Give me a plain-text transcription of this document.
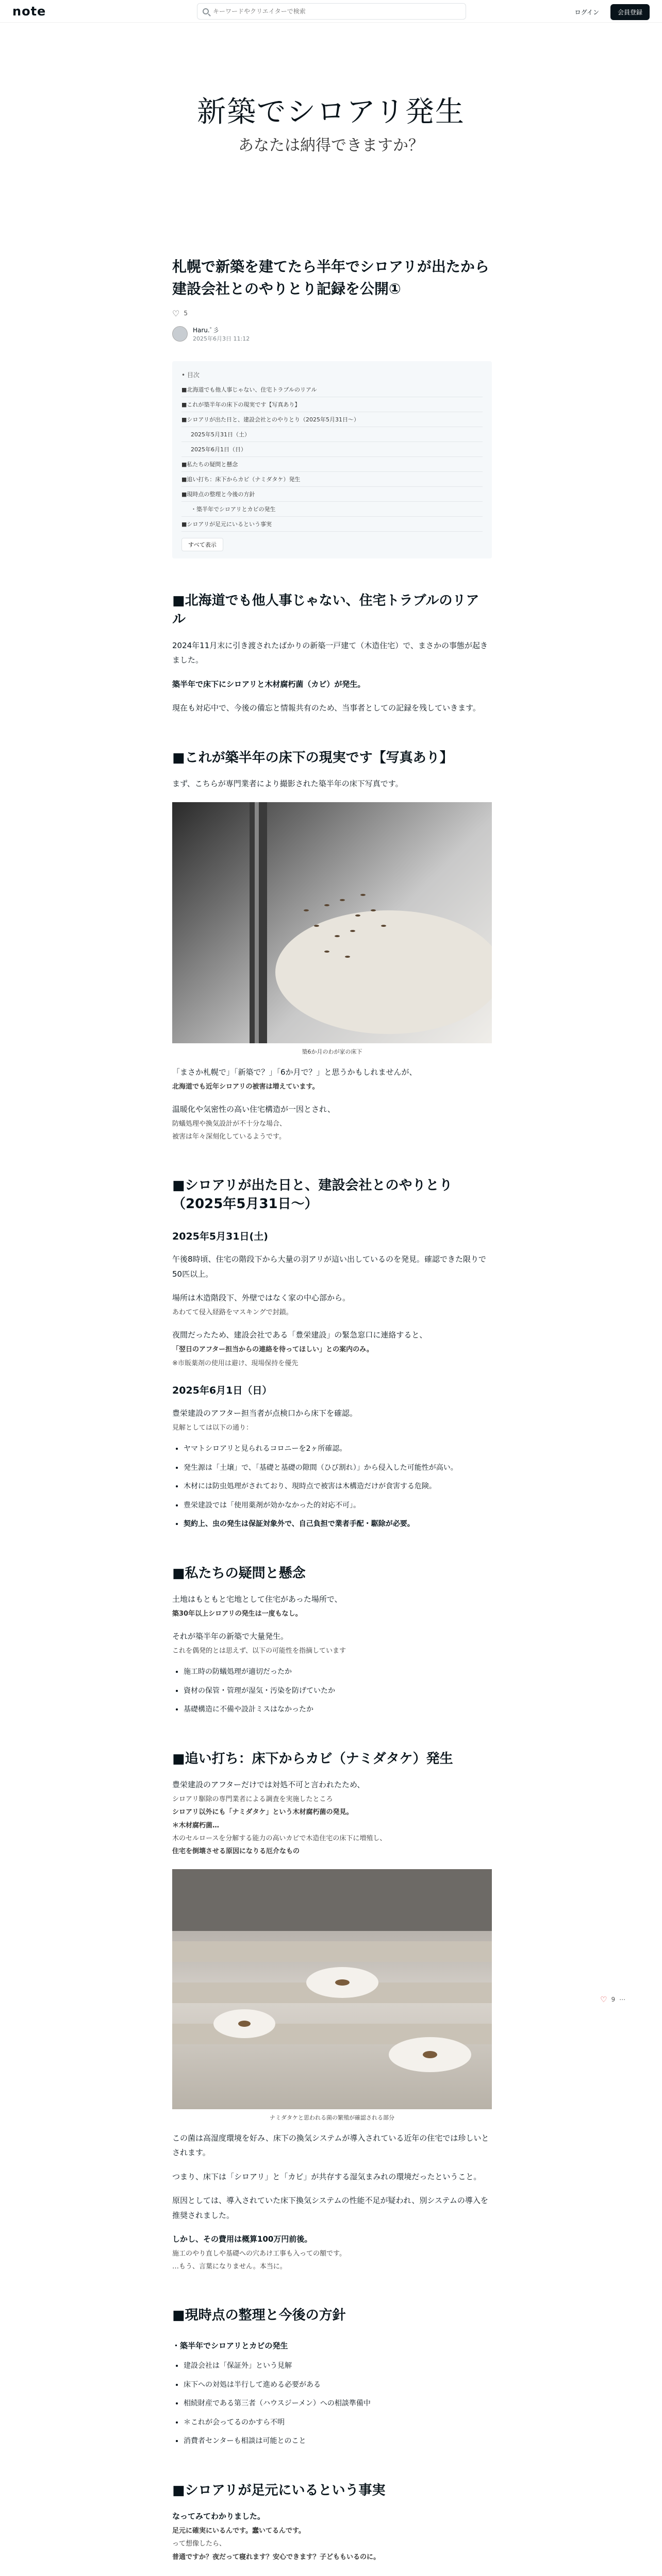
note
キーワードやクリエイターで検索	ログイン	会員登録
新築でシロアリ発生
あなたは納得できますか？
札幌で新築を建てたら半年でシロアリが出たから建設会社とのやりとり記録を公開①
♡ 5
Haru.ﾟ彡
2025年6月3日 11:12
• 目次
■北海道でも他人事じゃない、住宅トラブルのリアル
■これが築半年の床下の現実です【写真あり】
■シロアリが出た日と、建設会社とのやりとり（2025年5月31日〜）
2025年5月31日（土）
2025年6月1日（日）
■私たちの疑問と懸念
■追い打ち：床下からカビ（ナミダタケ）発生
■現時点の整理と今後の方針
・築半年でシロアリとカビの発生
■シロアリが足元にいるという事実
すべて表示
■北海道でも他人事じゃない、住宅トラブルのリアル

2024年11月末に引き渡されたばかりの新築一戸建て（木造住宅）で、まさかの事態が起きました。

築半年で床下にシロアリと木材腐朽菌（カビ）が発生。

現在も対応中で、今後の備忘と情報共有のため、当事者としての記録を残していきます。

■これが築半年の床下の現実です【写真あり】

まず、こちらが専門業者により撮影された築半年の床下写真です。

築6か月のわが家の床下

「まさか札幌で」「新築で？」「6か月で？」と思うかもしれませんが、

北海道でも近年シロアリの被害は増えています。

温暖化や気密性の高い住宅構造が一因とされ、

防蟻処理や換気設計が不十分な場合、

被害は年々深刻化しているようです。

■シロアリが出た日と、建設会社とのやりとり（2025年5月31日〜）
2025年5月31日(土)

午後8時頃、住宅の階段下から大量の羽アリが這い出しているのを発見。確認できた限りで50匹以上。

場所は木造階段下、外壁ではなく家の中心部から。

あわてて侵入経路をマスキングで封鎖。

夜間だったため、建設会社である「豊栄建設」の緊急窓口に連絡すると、

「翌日のアフター担当からの連絡を待ってほしい」との案内のみ。

※市販薬剤の使用は避け、現場保持を優先

2025年6月1日（日）

豊栄建設のアフター担当者が点検口から床下を確認。

見解としては以下の通り：

• ヤマトシロアリと見られるコロニーを2ヶ所確認。
• 発生源は「土壌」で、「基礎と基礎の隙間（ひび割れ）」から侵入した可能性が高い。
• 木材には防虫処理がされており、現時点で被害は木構造だけが食害する危険。
• 豊栄建設では「使用薬剤が効かなかった的対応不可」。
• 契約上、虫の発生は保証対象外で、自己負担で業者手配・駆除が必要。
■私たちの疑問と懸念

土地はもともと宅地として住宅があった場所で、

築30年以上シロアリの発生は一度もなし。

それが築半年の新築で大量発生。

これを偶発的とは思えず、以下の可能性を指摘しています

• 施工時の防蟻処理が適切だったか
• 資材の保管・管理が湿気・汚染を防げていたか
• 基礎構造に不備や設計ミスはなかったか
■追い打ち：床下からカビ（ナミダタケ）発生

豊栄建設のアフターだけでは対処不可と言われたため、

シロアリ駆除の専門業者による調査を実施したところ

シロアリ以外にも「ナミダタケ」という木材腐朽菌の発見。

＊木材腐朽菌…

木のセルロースを分解する能力の高いカビで木造住宅の床下に増殖し、

住宅を倒壊させる原因になりる厄介なもの

ナミダタケと思われる菌の繁殖が確認される部分

この菌は高湿度環境を好み、床下の換気システムが導入されている近年の住宅では珍しいとされます。

つまり、床下は「シロアリ」と「カビ」が共存する湿気まみれの環境だったということ。

原因としては、導入されていた床下換気システムの性能不足が疑われ、別システムの導入を推奨されました。

しかし、その費用は概算100万円前後。

施工のやり直しや基礎への穴あけ工事も入っての額です。

…もう、言葉になりません。本当に。

■現時点の整理と今後の方針
・築半年でシロアリとカビの発生
• 建設会社は「保証外」という見解
• 床下への対処は半行して進める必要がある
• 相続財産である第三者（ハウスジーメン）への相談準備中
• ＊これが会ってるのかすら不明
• 消費者センターも相談は可能とのこと
■シロアリが足元にいるという事実

なってみてわかりました。

足元に確実にいるんです。蠢いてるんです。

って想像したら、

普通ですか？夜だって寝れます？安心できます？子どももいるのに。

♡ 9 ⋯
